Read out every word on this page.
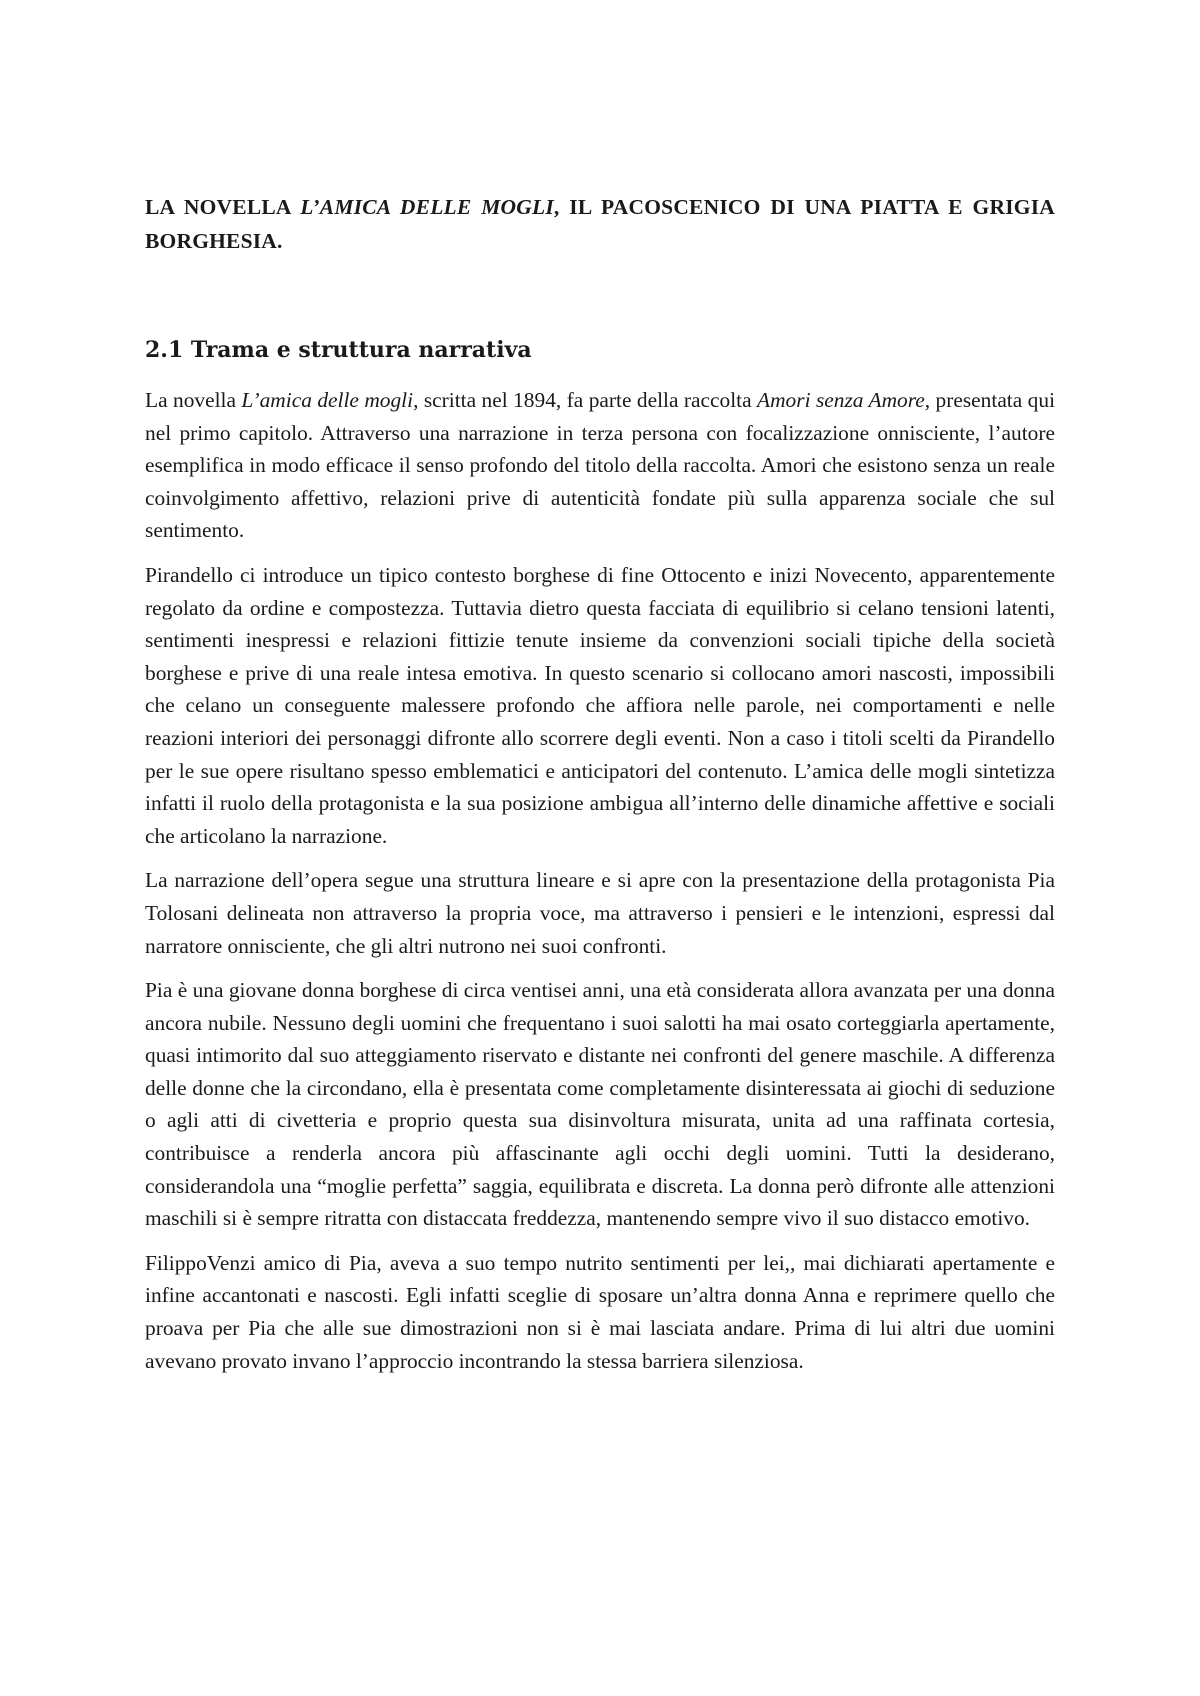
LA NOVELLA L’AMICA DELLE MOGLI, IL PACOSCENICO DI UNA PIATTA E GRIGIA BORGHESIA.
2.1 Trama e struttura narrativa

La novella L’amica delle mogli, scritta nel 1894, fa parte della raccolta Amori senza Amore, presentata qui nel primo capitolo. Attraverso una narrazione in terza persona con focalizzazione onnisciente, l’autore esemplifica in modo efficace il senso profondo del titolo della raccolta. Amori che esistono senza un reale coinvolgimento affettivo, relazioni prive di autenticità fondate più sulla apparenza sociale che sul sentimento.

Pirandello ci introduce un tipico contesto borghese di fine Ottocento e inizi Novecento, apparentemente regolato da ordine e compostezza. Tuttavia dietro questa facciata di equilibrio si celano tensioni latenti, sentimenti inespressi e relazioni fittizie tenute insieme da convenzioni sociali tipiche della società borghese e prive di una reale intesa emotiva. In questo scenario si collocano amori nascosti, impossibili che celano un conseguente malessere profondo che affiora nelle parole, nei comportamenti e nelle reazioni interiori dei personaggi difronte allo scorrere degli eventi. Non a caso i titoli scelti da Pirandello per le sue opere risultano spesso emblematici e anticipatori del contenuto. L’amica delle mogli sintetizza infatti il ruolo della protagonista e la sua posizione ambigua all’interno delle dinamiche affettive e sociali che articolano la narrazione.

La narrazione dell’opera segue una struttura lineare e si apre con la presentazione della protagonista Pia Tolosani delineata non attraverso la propria voce, ma attraverso i pensieri e le intenzioni, espressi dal narratore onnisciente, che gli altri nutrono nei suoi confronti.

Pia è una giovane donna borghese di circa ventisei anni, una età considerata allora avanzata per una donna ancora nubile. Nessuno degli uomini che frequentano i suoi salotti ha mai osato corteggiarla apertamente, quasi intimorito dal suo atteggiamento riservato e distante nei confronti del genere maschile. A differenza delle donne che la circondano, ella è presentata come completamente disinteressata ai giochi di seduzione o agli atti di civetteria e proprio questa sua disinvoltura misurata, unita ad una raffinata cortesia, contribuisce a renderla ancora più affascinante agli occhi degli uomini. Tutti la desiderano, considerandola una “moglie perfetta” saggia, equilibrata e discreta. La donna però difronte alle attenzioni maschili si è sempre ritratta con distaccata freddezza, mantenendo sempre vivo il suo distacco emotivo.

FilippoVenzi amico di Pia, aveva a suo tempo nutrito sentimenti per lei,, mai dichiarati apertamente e infine accantonati e nascosti. Egli infatti sceglie di sposare un’altra donna Anna e reprimere quello che proava per Pia che alle sue dimostrazioni non si è mai lasciata andare. Prima di lui altri due uomini avevano provato invano l’approccio incontrando la stessa barriera silenziosa.
